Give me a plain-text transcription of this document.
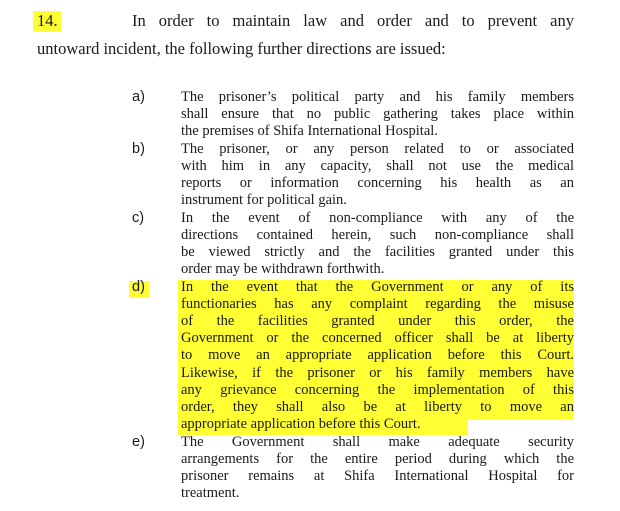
14.	In order to maintain law and order and to prevent any
untoward incident, the following further directions are issued:
a) The prisoner’s political party and his family members
shall ensure that no public gathering takes place within
the premises of Shifa International Hospital.
b) The prisoner, or any person related to or associated
with him in any capacity, shall not use the medical
reports or information concerning his health as an
instrument for political gain.
c)	In the event of non-compliance with any of the
directions contained herein, such non-compliance shall
be viewed strictly and the facilities granted under this
order may be withdrawn forthwith.
d) In the event that the Government or any of its
functionaries has any complaint regarding the misuse
of the facilities granted under this order, the
Government or the concerned officer shall be at liberty
to move an appropriate application before this Court.
Likewise, if the prisoner or his family members have
any grievance concerning the implementation of this
order, they shall also be at liberty to move an
appropriate application before this Court.
e) The Government shall make adequate security
arrangements for the entire period during which the
prisoner remains at Shifa International Hospital for
treatment.
